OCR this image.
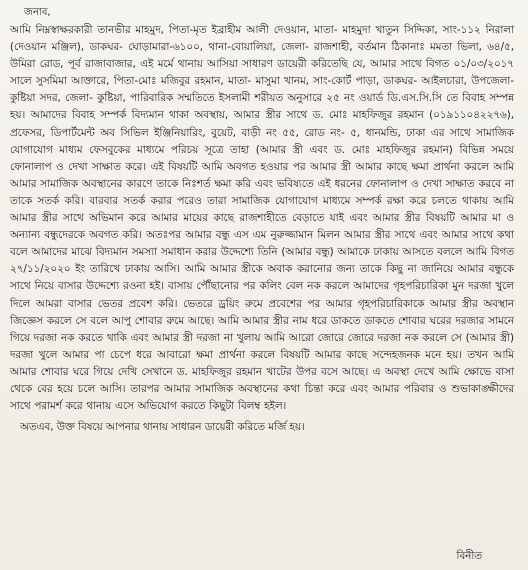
জনাব,

আমি নিম্নস্বাক্ষরকারী তানভীর মাহমুদ, পিতা-মৃত ইব্রাহীম আলী দেওয়ান, মাতা- মাহমুদা খাতুন সিদ্দিকা, সাং-১১২ নিরালা (দেওয়ান মঞ্জিল), ডাকঘর- ঘোড়ামারা-৬১০০, থানা-বোয়ালিয়া, জেলা- রাজশাহী, বর্তমান ঠিকানাঃ মমতা ভিলা, ৬৪/৫, উমিরা রোড, পূর্ব রাজাবাজার, এই মর্মে থানায় আসিয়া সাধারণ ডায়েরী করিতেছি যে, আমার সাথে বিগত ০১/০৩/২০১৭ সালে সুসমিমা আক্তারে, পিতা-মোঃ মজিবুর রহমান, মাতা- মাসুমা খানম, সাং-কোর্ট পাড়া, ডাকঘর- আইলচারা, উপজেলা-কুষ্টিয়া সদর, জেলা- কুষ্টিয়া, পারিবারিক সম্মতিতে ইসলামী শরীয়ত অনুসারে ২৫ নং ওয়ার্ড ডি.এস.সি.সি তে বিবাহ সম্পন্ন হয়। আমাদের বিবাহ সম্পর্ক বিদ্যমান থাকা অবস্থায়, আমার স্ত্রীর সাথে ড. মোঃ মাহফিজুর রহমান (০১৯১১০৪২২৭৬), প্রফেসর, ডিপার্টমেন্ট অব সিভিল ইঞ্জিনিয়ারিং, বুয়েট, বাড়ী নং ৫৫, রোড নং- ৫, ধানমন্ডি, ঢাকা এর সাথে সামাজিক যোগাযোগ মাধ্যম ফেসবুকের মাধ্যমে পরিচয় সূত্রে তাহা (আমার স্ত্রী এবং ড. মোঃ মাহফিজুর রহমান) বিভিন্ন সময়ে ফোনালাপ ও দেখা সাক্ষাত করে। এই বিষয়টি আমি অবগত হওয়ার পর আমার স্ত্রী আমার কাছে ক্ষমা প্রার্থনা করলে আমি আমার সামাজিক অবস্থানের কারণে তাকে নিঃশর্ত ক্ষমা করি এবং ভবিষ্যতে এই ধরনের ফোনালাপ ও দেখা সাক্ষাত করবে না তাকে সতর্ক করি। বারবার সতর্ক করার পরেও তারা সামাজিক যোগাযোগ মাধ্যমে সম্পর্ক রক্ষা করে চলতে থাকায় আমি আমার স্ত্রীর সাথে অভিমান করে আমার মায়ের কাছে রাজশাহীতে বেড়াতে যাই এবং আমার স্ত্রীর বিষয়টি আমার মা ও অন্যান্য বন্ধুদেরকে অবগত করি। অতঃপর আমার বন্ধু এস এম নুরুজ্জামান মিলন আমার স্ত্রীর সাথে এবং আমার সাথে কথা বলে আমাদের মাঝে বিদ্যমান সমস্যা সমাধান করার উদ্দেশ্যে তিনি (আমার বন্ধু) আমাকে ঢাকায় আসতে বললে আমি বিগত ২৭/১১/২০২০ ইং তারিখে ঢাকায় আসি। আমি আমার স্ত্রীকে অবাক করানোর জন্য তাকে কিছু না জানিয়ে আমার বন্ধুকে সাথে নিয়ে বাসার উদ্দেশ্যে রওনা হই। বাসায় পৌঁছানোর পর কলিং বেল নক করলে আমাদের গৃহপরিচারিকা মুন দরজা খুলে দিলে আমরা বাসার ভেতর প্রবেশ করি। ভেতরে ড্রয়িং রুমে প্রবেশের পর আমার গৃহপরিচারিকাকে আমার স্ত্রীর অবস্থান জিজ্ঞেস করলে সে বলে আপু শোবার রুমে আছে। আমি আমার স্ত্রীর নাম ধরে ডাকতে ডাকতে শোবার ঘরের দরজার সামনে গিয়ে দরজা নক করতে থাকি এবং আমার স্ত্রী দরজা না খুলায় আমি আরো জোরে জোরে দরজা নক করলে সে (আমার স্ত্রী) দরজা খুলে আমার পা চেপে ধরে আবারো ক্ষমা প্রার্থনা করলে বিষয়টি আমার কাছে সন্দেহজনক মনে হয়। তখন আমি আমার শোবার ঘরে গিয়ে দেখি সেখানে ড. মাহফিজুর রহমান খাটের উপর বসে আছে। এ অবস্থা দেখে আমি ক্ষোভে বাসা থেকে বের হয়ে চলে আসি। তারপর আমার সামাজিক অবস্থানের কথা চিন্তা করে এবং আমার পরিবার ও শুভাকাঙ্ক্ষীদের সাথে পরামর্শ করে থানায় এসে অভিযোগ করতে কিছুটা বিলম্ব হইল।

অতএব, উক্ত বিষয়ে আপনার থানায় সাধারন ডায়েরী করিতে মর্জি হয়।
বিনীত
